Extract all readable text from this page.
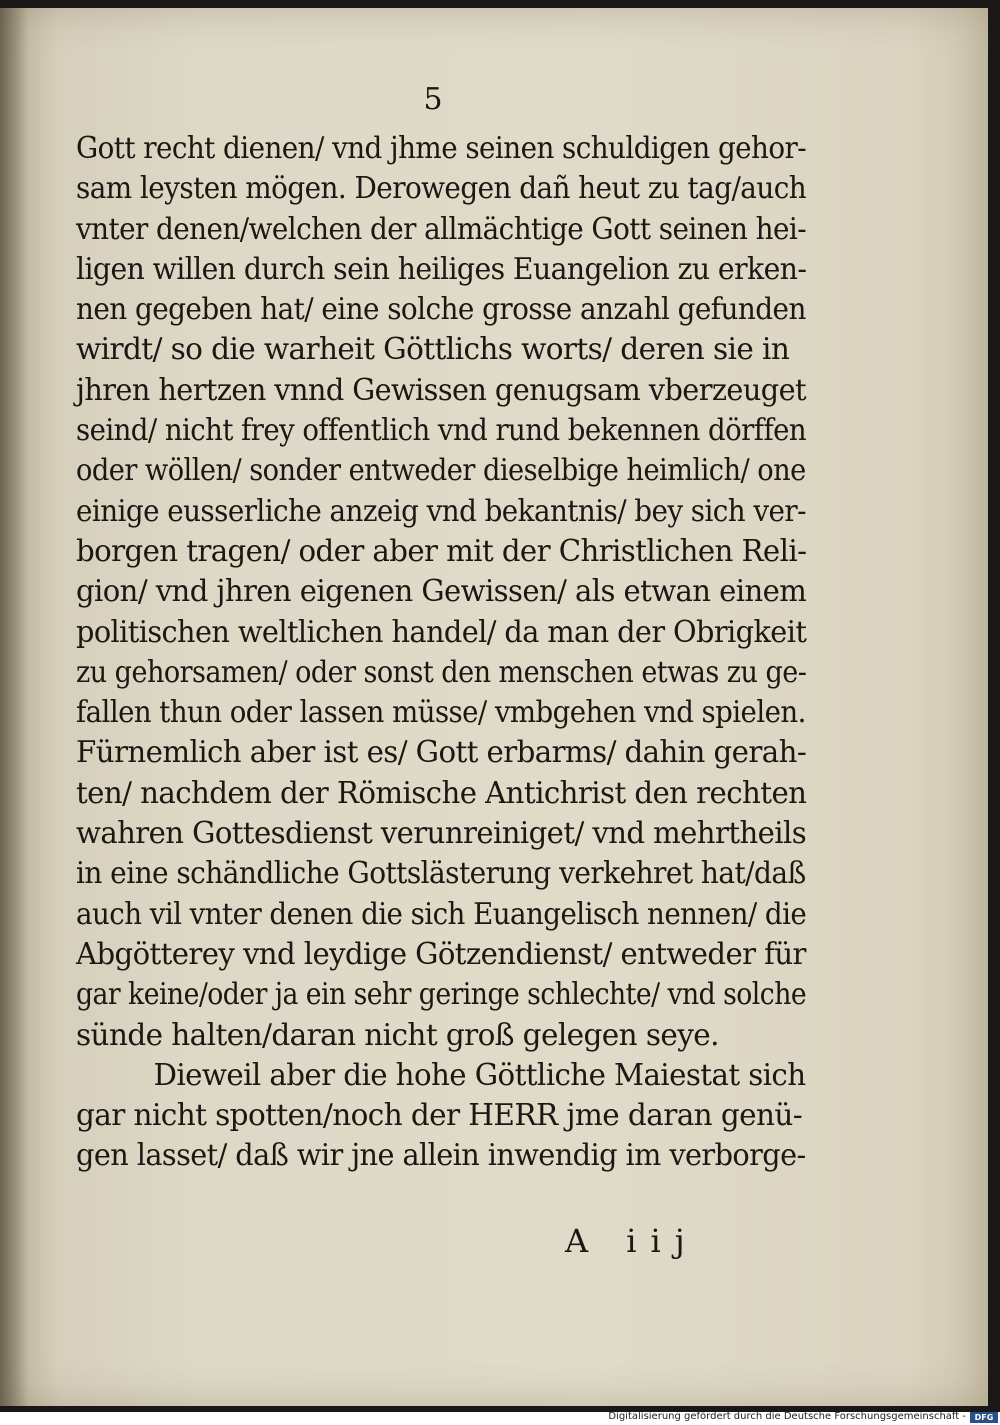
5
Gott recht dienen/ vnd jhme seinen schuldigen gehor-
sam leysten mögen. Derowegen dañ heut zu tag/auch
vnter denen/welchen der allmächtige Gott seinen hei-
ligen willen durch sein heiliges Euangelion zu erken-
nen gegeben hat/ eine solche grosse anzahl gefunden
wirdt/ so die warheit Göttlichs worts/ deren sie in
jhren hertzen vnnd Gewissen genugsam vberzeuget
seind/ nicht frey offentlich vnd rund bekennen dörffen
oder wöllen/ sonder entweder dieselbige heimlich/ one
einige eusserliche anzeig vnd bekantnis/ bey sich ver-
borgen tragen/ oder aber mit der Christlichen Reli-
gion/ vnd jhren eigenen Gewissen/ als etwan einem
politischen weltlichen handel/ da man der Obrigkeit
zu gehorsamen/ oder sonst den menschen etwas zu ge-
fallen thun oder lassen müsse/ vmbgehen vnd spielen.
Fürnemlich aber ist es/ Gott erbarms/ dahin gerah-
ten/ nachdem der Römische Antichrist den rechten
wahren Gottesdienst verunreiniget/ vnd mehrtheils
in eine schändliche Gottslästerung verkehret hat/daß
auch vil vnter denen die sich Euangelisch nennen/ die
Abgötterey vnd leydige Götzendienst/ entweder für
gar keine/oder ja ein sehr geringe schlechte/ vnd solche
sünde halten/daran nicht groß gelegen seye.
Dieweil aber die hohe Göttliche Maiestat sich
gar nicht spotten/noch der HERR jme daran genü-
gen lasset/ daß wir jne allein inwendig im verborge-
A iij
Digitalisierung gefördert durch die Deutsche Forschungsgemeinschaft -	DFG
